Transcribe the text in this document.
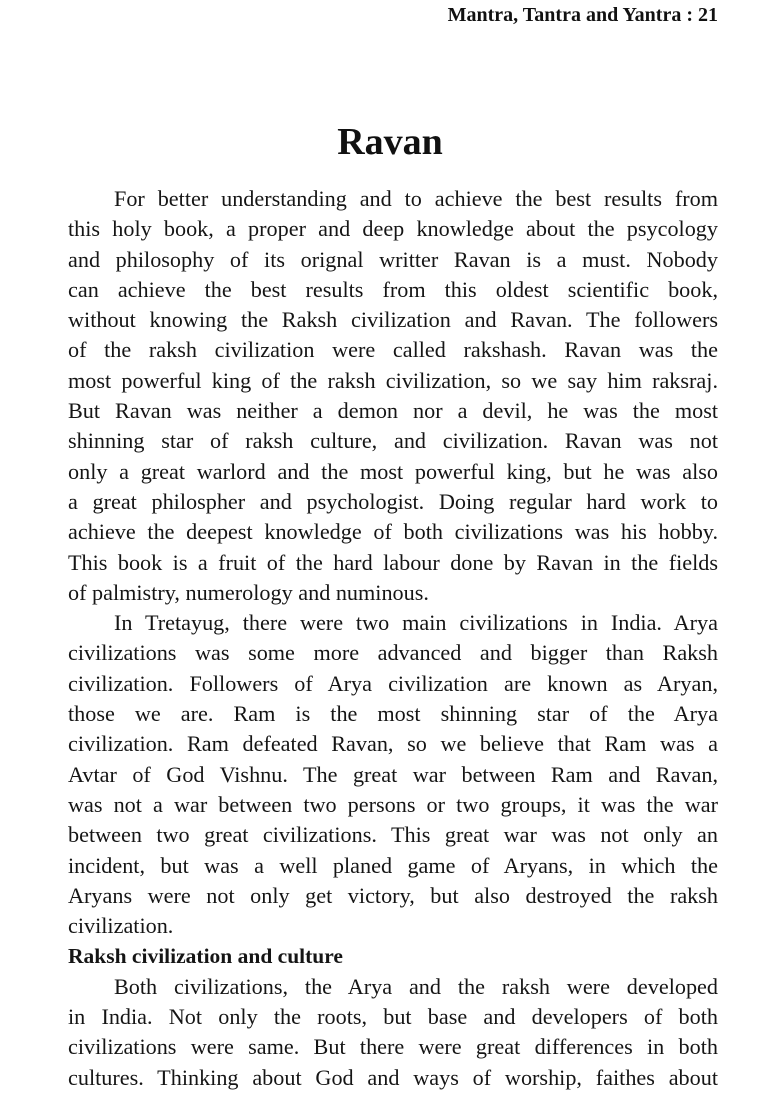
Mantra, Tantra and Yantra : 21
Ravan
For better understanding and to achieve the best results from
this holy book, a proper and deep knowledge about the psycology
and philosophy of its orignal writter Ravan is a must. Nobody
can achieve the best results from this oldest scientific book,
without knowing the Raksh civilization and Ravan. The followers
of the raksh civilization were called rakshash. Ravan was the
most powerful king of the raksh civilization, so we say him raksraj.
But Ravan was neither a demon nor a devil, he was the most
shinning star of raksh culture, and civilization. Ravan was not
only a great warlord and the most powerful king, but he was also
a great philospher and psychologist. Doing regular hard work to
achieve the deepest knowledge of both civilizations was his hobby.
This book is a fruit of the hard labour done by Ravan in the fields
of palmistry, numerology and numinous.
In Tretayug, there were two main civilizations in India. Arya
civilizations was some more advanced and bigger than Raksh
civilization. Followers of Arya civilization are known as Aryan,
those we are. Ram is the most shinning star of the Arya
civilization. Ram defeated Ravan, so we believe that Ram was a
Avtar of God Vishnu. The great war between Ram and Ravan,
was not a war between two persons or two groups, it was the war
between two great civilizations. This great war was not only an
incident, but was a well planed game of Aryans, in which the
Aryans were not only get victory, but also destroyed the raksh
civilization.
Raksh civilization and culture
Both civilizations, the Arya and the raksh were developed
in India. Not only the roots, but base and developers of both
civilizations were same. But there were great differences in both
cultures. Thinking about God and ways of worship, faithes about
